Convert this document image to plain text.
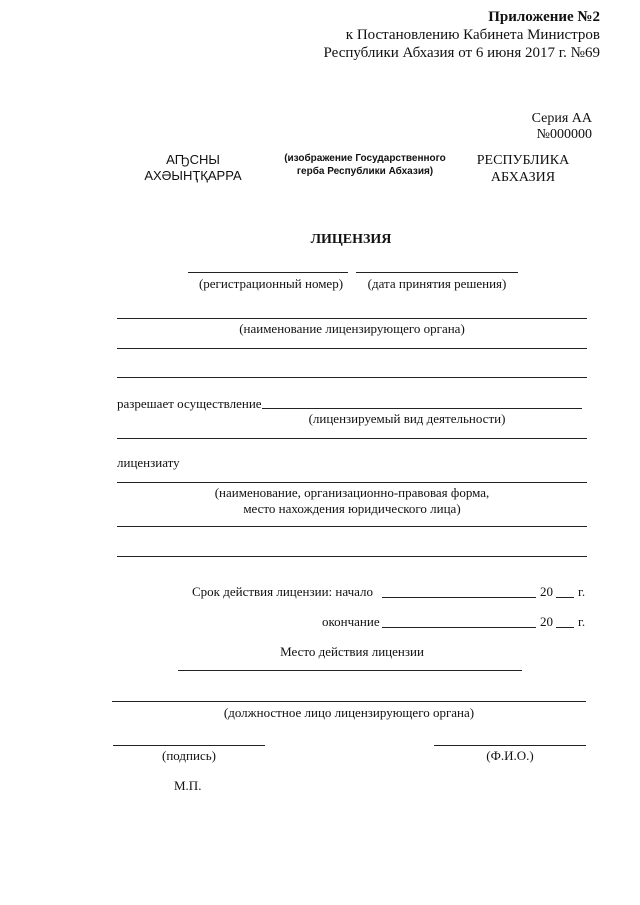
Приложение №2
к Постановлению Кабинета Министров
Республики Абхазия от 6 июня 2017 г. №69
Серия АА
№000000
АҦСНЫ
АХӘЫНҬҚАРРА
(изображение Государственного
герба Республики Абхазия)
РЕСПУБЛИКА
АБХАЗИЯ
ЛИЦЕНЗИЯ
(регистрационный номер)	(дата принятия решения)
(наименование лицензирующего органа)
разрешает осуществление
(лицензируемый вид деятельности)
лицензиату
(наименование, организационно-правовая форма,
место нахождения юридического лица)
Срок действия лицензии: начало	20 г.
окончание	20 г.
Место действия лицензии
(должностное лицо лицензирующего органа)
(подпись)	(Ф.И.О.)
М.П.
